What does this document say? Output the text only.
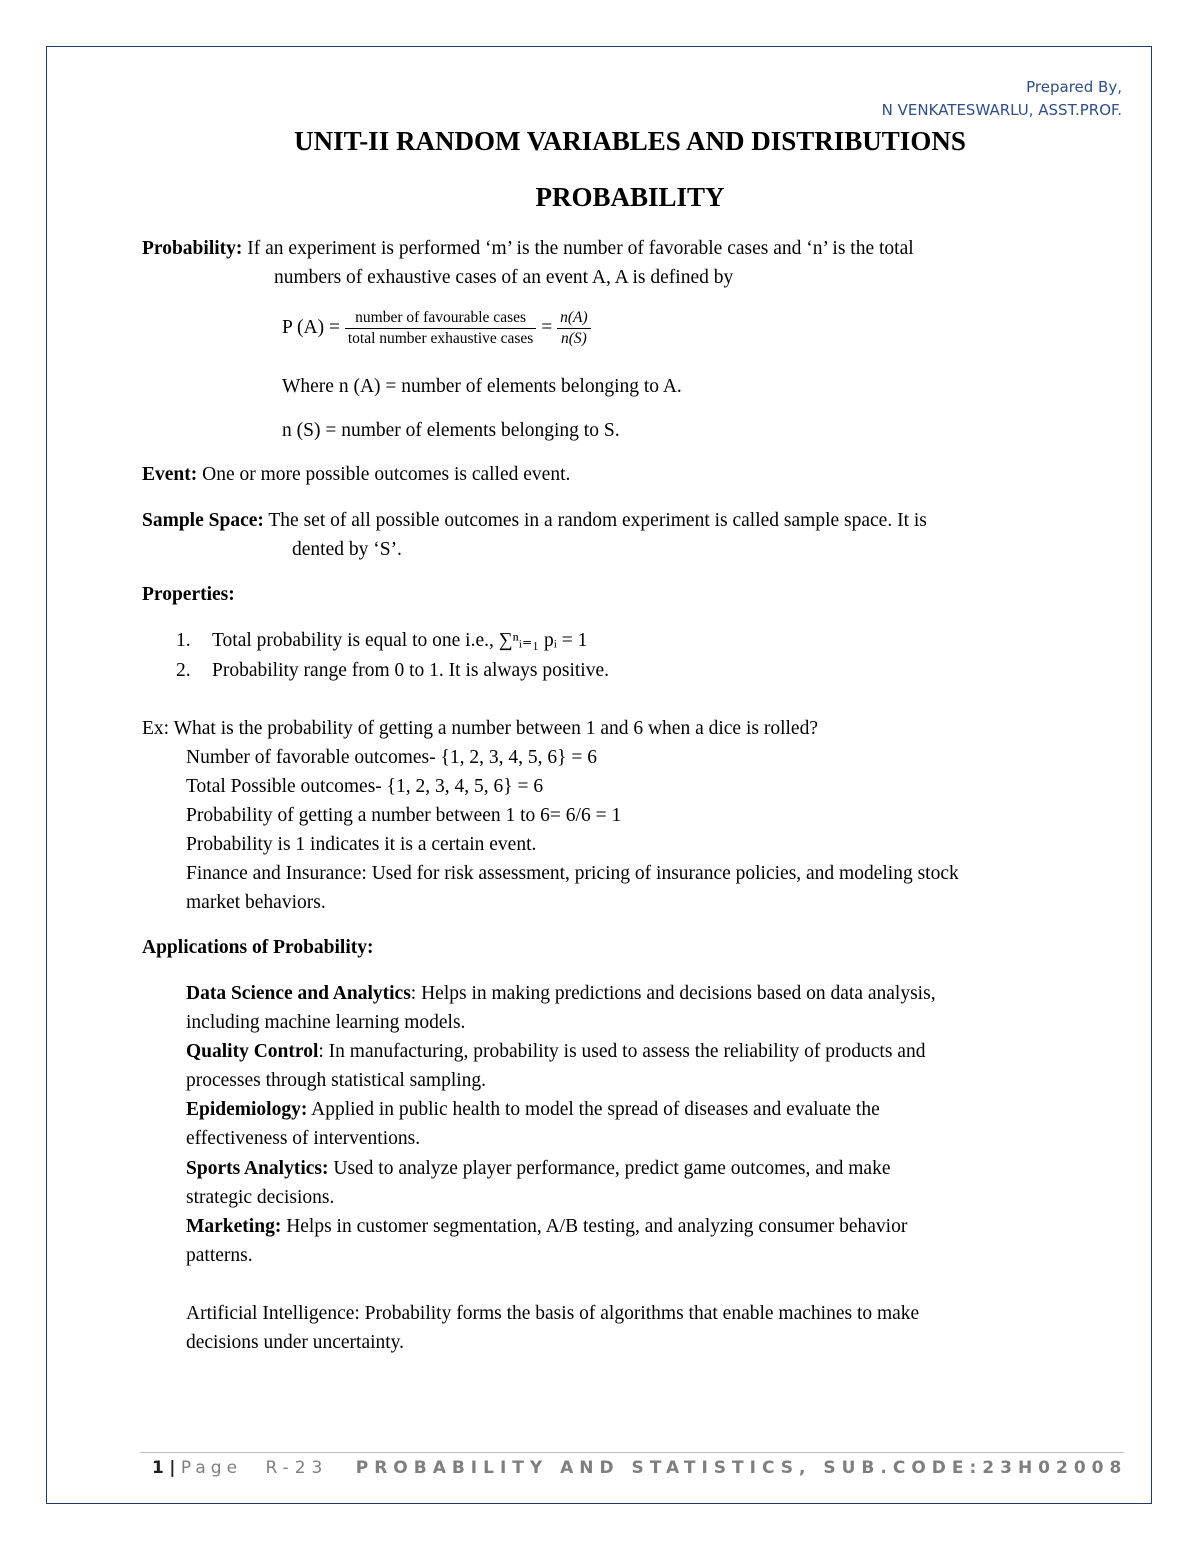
Prepared By,
N VENKATESWARLU, ASST.PROF.
UNIT-II RANDOM VARIABLES AND DISTRIBUTIONS
PROBABILITY
Probability: If an experiment is performed ‘m’ is the number of favorable cases and ‘n’ is the total
numbers of exhaustive cases of an event A, A is defined by
P $(A) = \frac{\text{number of favourable cases}}{\text{total number exhaustive cases}} = \frac{n(A)}{n(S)}$
Where n (A) = number of elements belonging to A.
n (S) = number of elements belonging to S.
Event: One or more possible outcomes is called event.
Sample Space: The set of all possible outcomes in a random experiment is called sample space. It is
dented by ‘S’.
Properties:
1. Total probability is equal to one i.e., ∑ⁿᵢ₌₁ pᵢ = 1
2. Probability range from 0 to 1. It is always positive.
Ex: What is the probability of getting a number between 1 and 6 when a dice is rolled?
Number of favorable outcomes- {1, 2, 3, 4, 5, 6} = 6
Total Possible outcomes- {1, 2, 3, 4, 5, 6} = 6
Probability of getting a number between 1 to 6= 6/6 = 1
Probability is 1 indicates it is a certain event.
Finance and Insurance: Used for risk assessment, pricing of insurance policies, and modeling stock
market behaviors.
Applications of Probability:
Data Science and Analytics: Helps in making predictions and decisions based on data analysis,
including machine learning models.
Quality Control: In manufacturing, probability is used to assess the reliability of products and
processes through statistical sampling.
Epidemiology: Applied in public health to model the spread of diseases and evaluate the
effectiveness of interventions.
Sports Analytics: Used to analyze player performance, predict game outcomes, and make
strategic decisions.
Marketing: Helps in customer segmentation, A/B testing, and analyzing consumer behavior
patterns.
Artificial Intelligence: Probability forms the basis of algorithms that enable machines to make
decisions under uncertainty.
1 | Page R-23 PROBABILITY AND STATISTICS, SUB.CODE:23H02008
